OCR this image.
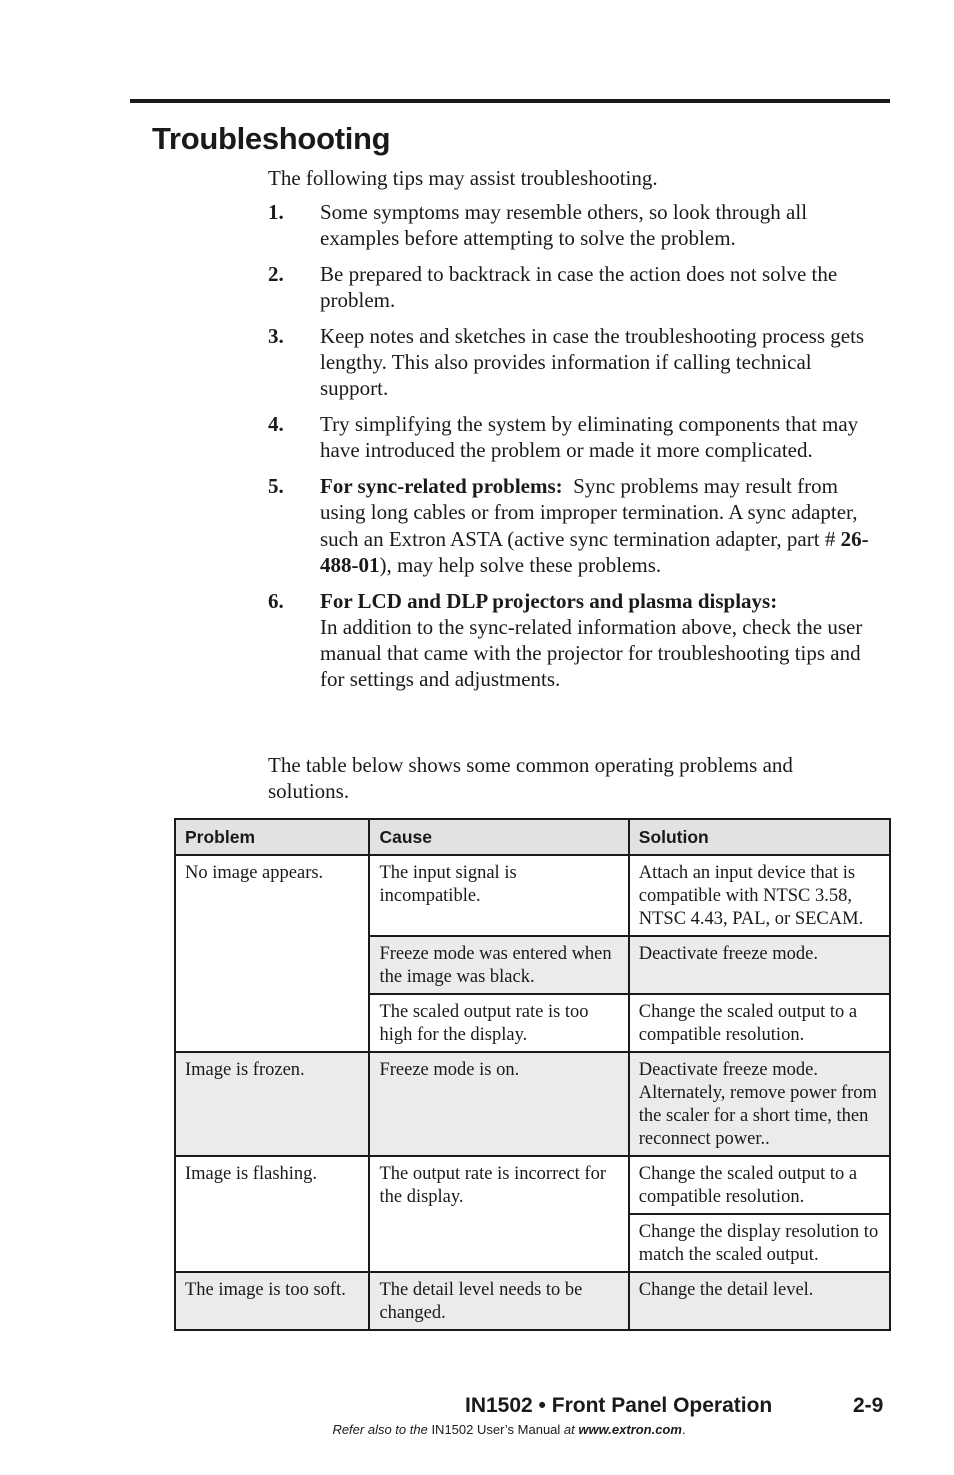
Troubleshooting
The following tips may assist troubleshooting.
1. Some symptoms may resemble others, so look through all examples before attempting to solve the problem.
2. Be prepared to backtrack in case the action does not solve the problem.
3. Keep notes and sketches in case the troubleshooting process gets lengthy. This also provides information if calling technical support.
4. Try simplifying the system by eliminating components that may have introduced the problem or made it more complicated.
5. For sync-related problems: Sync problems may result from using long cables or from improper termination. A sync adapter, such an Extron ASTA (active sync termination adapter, part # 26-488-01), may help solve these problems.
6. For LCD and DLP projectors and plasma displays:
In addition to the sync-related information above, check the user manual that came with the projector for troubleshooting tips and for settings and adjustments.
The table below shows some common operating problems and solutions.
Problem	Cause	Solution
No image appears.	The input signal is incompatible.	Attach an input device that is compatible with NTSC 3.58, NTSC 4.43, PAL, or SECAM.
	Freeze mode was entered when the image was black.	Deactivate freeze mode.
	The scaled output rate is too high for the display.	Change the scaled output to a compatible resolution.
Image is frozen.	Freeze mode is on.	Deactivate freeze mode. Alternately, remove power from the scaler for a short time, then reconnect power..
Image is flashing.	The output rate is incorrect for the display.	Change the scaled output to a compatible resolution.
		Change the display resolution to match the scaled output.
The image is too soft.	The detail level needs to be changed.	Change the detail level.
IN1502 • Front Panel Operation	2-9
Refer also to the IN1502 User’s Manual at www.extron.com.
